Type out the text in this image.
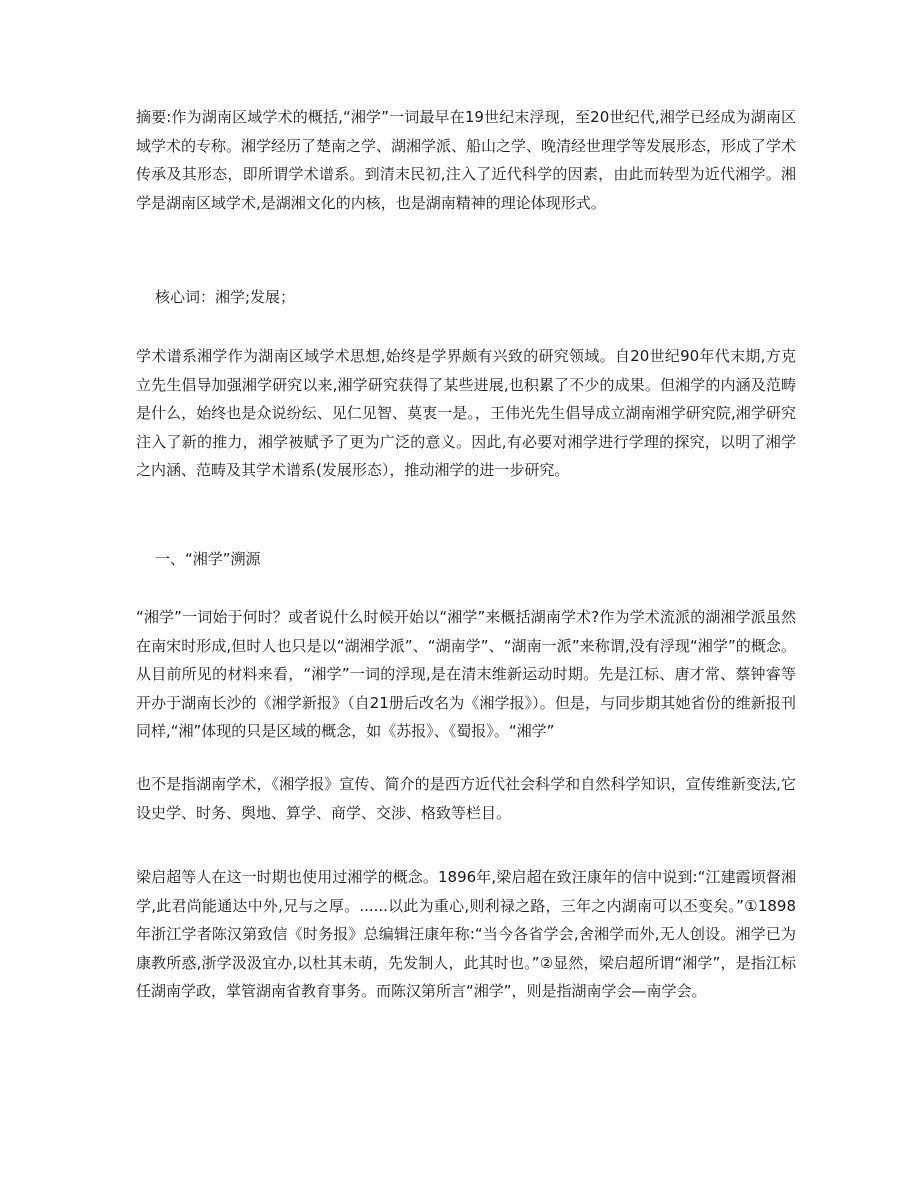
摘要:作为湖南区域学术的概括,“湘学”一词最早在19世纪末浮现，至20世纪代,湘学已经成为湖南区域学术的专称。湘学经历了楚南之学、湖湘学派、船山之学、晚清经世理学等发展形态，形成了学术传承及其形态，即所谓学术谱系。到清末民初,注入了近代科学的因素，由此而转型为近代湘学。湘学是湖南区域学术,是湖湘文化的内核，也是湖南精神的理论体现形式。

核心词：湘学;发展；

学术谱系湘学作为湖南区域学术思想,始终是学界颇有兴致的研究领域。自20世纪90年代末期,方克立先生倡导加强湘学研究以来,湘学研究获得了某些进展,也积累了不少的成果。但湘学的内涵及范畴是什么，始终也是众说纷纭、见仁见智、莫衷一是。，王伟光先生倡导成立湖南湘学研究院,湘学研究注入了新的推力，湘学被赋予了更为广泛的意义。因此,有必要对湘学进行学理的探究，以明了湘学之内涵、范畴及其学术谱系(发展形态），推动湘学的进一步研究。

一、“湘学”溯源

“湘学”一词始于何时？或者说什么时候开始以“湘学”来概括湖南学术?作为学术流派的湖湘学派虽然在南宋时形成,但时人也只是以“湖湘学派”、“湖南学”、“湖南一派”来称谓,没有浮现“湘学”的概念。从目前所见的材料来看，“湘学”一词的浮现,是在清末维新运动时期。先是江标、唐才常、蔡钟睿等开办于湖南长沙的《湘学新报》（自21册后改名为《湘学报》）。但是，与同步期其她省份的维新报刊同样,“湘”体现的只是区域的概念，如《苏报》、《蜀报》。“湘学”

也不是指湖南学术，《湘学报》宣传、简介的是西方近代社会科学和自然科学知识，宣传维新变法,它设史学、时务、舆地、算学、商学、交涉、格致等栏目。

梁启超等人在这一时期也使用过湘学的概念。1896年,梁启超在致汪康年的信中说到:“江建霞顷督湘学,此君尚能通达中外,兄与之厚。......以此为重心,则利禄之路，三年之内湖南可以丕变矣。”①1898年浙江学者陈汉第致信《时务报》总编辑汪康年称:“当今各省学会,舍湘学而外,无人创设。湘学已为康教所惑,浙学汲汲宜办,以杜其未萌，先发制人，此其时也。”②显然，梁启超所谓“湘学”，是指江标任湖南学政，掌管湖南省教育事务。而陈汉第所言“湘学”，则是指湖南学会—南学会。
